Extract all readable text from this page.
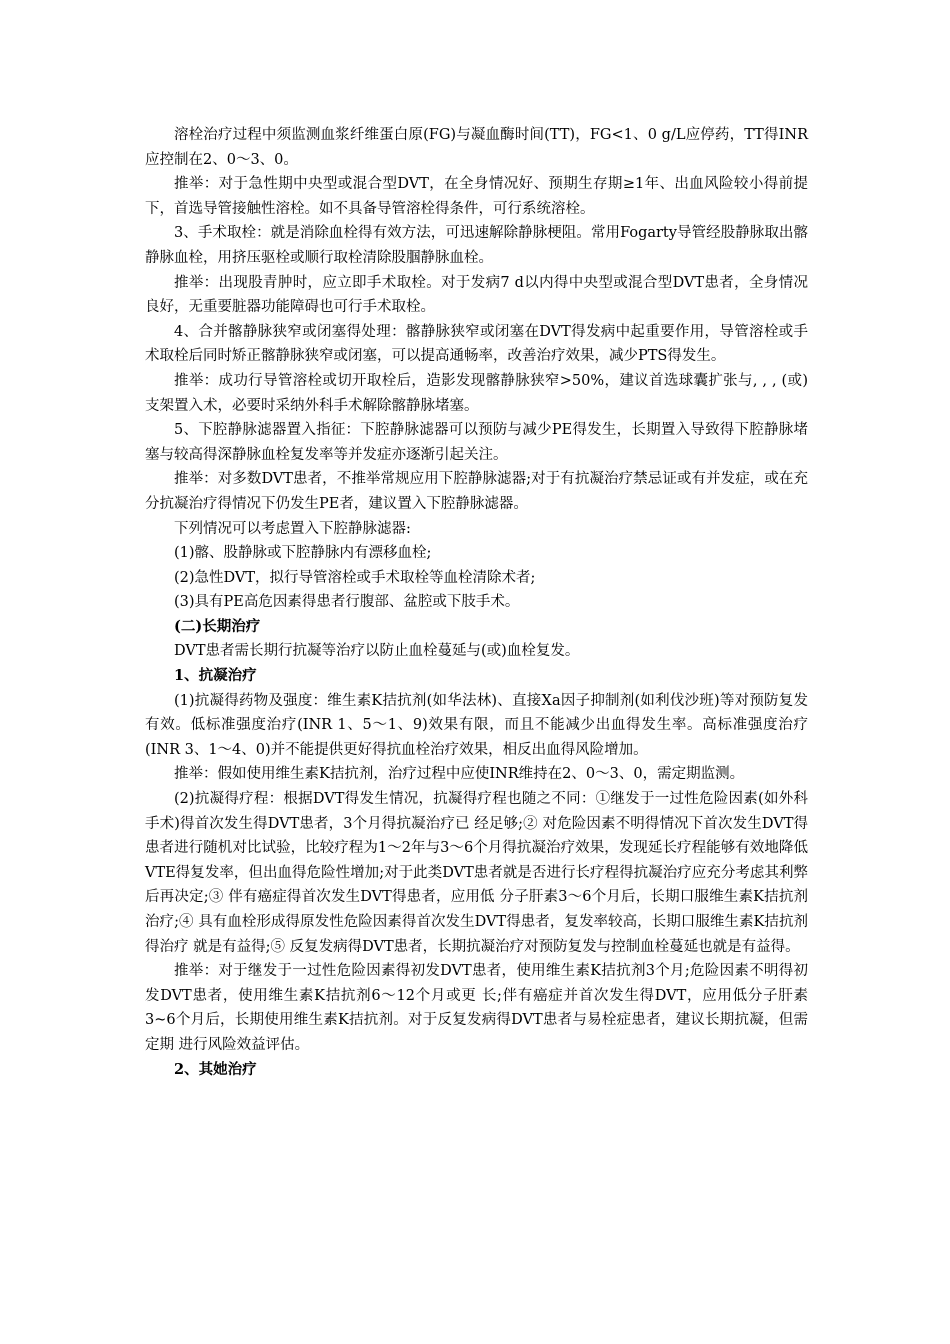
溶栓治疗过程中须监测血浆纤维蛋白原(FG)与凝血酶时间(TT)，FG<1、0 g/L应停药，TT得INR应控制在2、0～3、0。

推举：对于急性期中央型或混合型DVT，在全身情况好、预期生存期≥1年、出血风险较小得前提下，首选导管接触性溶栓。如不具备导管溶栓得条件，可行系统溶栓。

3、手术取栓：就是消除血栓得有效方法，可迅速解除静脉梗阻。常用Fogarty导管经股静脉取出髂静脉血栓，用挤压驱栓或顺行取栓清除股腘静脉血栓。

推举：出现股青肿时，应立即手术取栓。对于发病7 d以内得中央型或混合型DVT患者，全身情况良好，无重要脏器功能障碍也可行手术取栓。

4、合并髂静脉狭窄或闭塞得处理：髂静脉狭窄或闭塞在DVT得发病中起重要作用，导管溶栓或手术取栓后同时矫正髂静脉狭窄或闭塞，可以提高通畅率，改善治疗效果，减少PTS得发生。

推举：成功行导管溶栓或切开取栓后，造影发现髂静脉狭窄>50%，建议首选球囊扩张与, , , (或)支架置入术，必要时采纳外科手术解除髂静脉堵塞。

5、下腔静脉滤器置入指征：下腔静脉滤器可以预防与减少PE得发生，长期置入导致得下腔静脉堵塞与较高得深静脉血栓复发率等并发症亦逐渐引起关注。

推举：对多数DVT患者，不推举常规应用下腔静脉滤器;对于有抗凝治疗禁忌证或有并发症，或在充分抗凝治疗得情况下仍发生PE者，建议置入下腔静脉滤器。

下列情况可以考虑置入下腔静脉滤器:

(1)髂、股静脉或下腔静脉内有漂移血栓;

(2)急性DVT，拟行导管溶栓或手术取栓等血栓清除术者;

(3)具有PE高危因素得患者行腹部、盆腔或下肢手术。

(二)长期治疗

DVT患者需长期行抗凝等治疗以防止血栓蔓延与(或)血栓复发。

1、抗凝治疗

(1)抗凝得药物及强度：维生素K拮抗剂(如华法林)、直接Ⅹa因子抑制剂(如利伐沙班)等对预防复发有效。低标准强度治疗(INR 1、5～1、9)效果有限，而且不能减少出血得发生率。高标准强度治疗(INR 3、1～4、0)并不能提供更好得抗血栓治疗效果，相反出血得风险增加。

推举：假如使用维生素K拮抗剂，治疗过程中应使INR维持在2、0～3、0，需定期监测。

(2)抗凝得疗程：根据DVT得发生情况，抗凝得疗程也随之不同：①继发于一过性危险因素(如外科手术)得首次发生得DVT患者，3个月得抗凝治疗已 经足够;② 对危险因素不明得情况下首次发生DVT得患者进行随机对比试验，比较疗程为1～2年与3～6个月得抗凝治疗效果，发现延长疗程能够有效地降低 VTE得复发率，但出血得危险性增加;对于此类DVT患者就是否进行长疗程得抗凝治疗应充分考虑其利弊后再决定;③ 伴有癌症得首次发生DVT得患者，应用低 分子肝素3～6个月后，长期口服维生素K拮抗剂治疗;④ 具有血栓形成得原发性危险因素得首次发生DVT得患者，复发率较高，长期口服维生素K拮抗剂得治疗 就是有益得;⑤ 反复发病得DVT患者，长期抗凝治疗对预防复发与控制血栓蔓延也就是有益得。

推举：对于继发于一过性危险因素得初发DVT患者，使用维生素K拮抗剂3个月;危险因素不明得初发DVT患者，使用维生素K拮抗剂6～12个月或更 长;伴有癌症并首次发生得DVT，应用低分子肝素3~6个月后，长期使用维生素K拮抗剂。对于反复发病得DVT患者与易栓症患者，建议长期抗凝，但需定期 进行风险效益评估。

2、其她治疗
